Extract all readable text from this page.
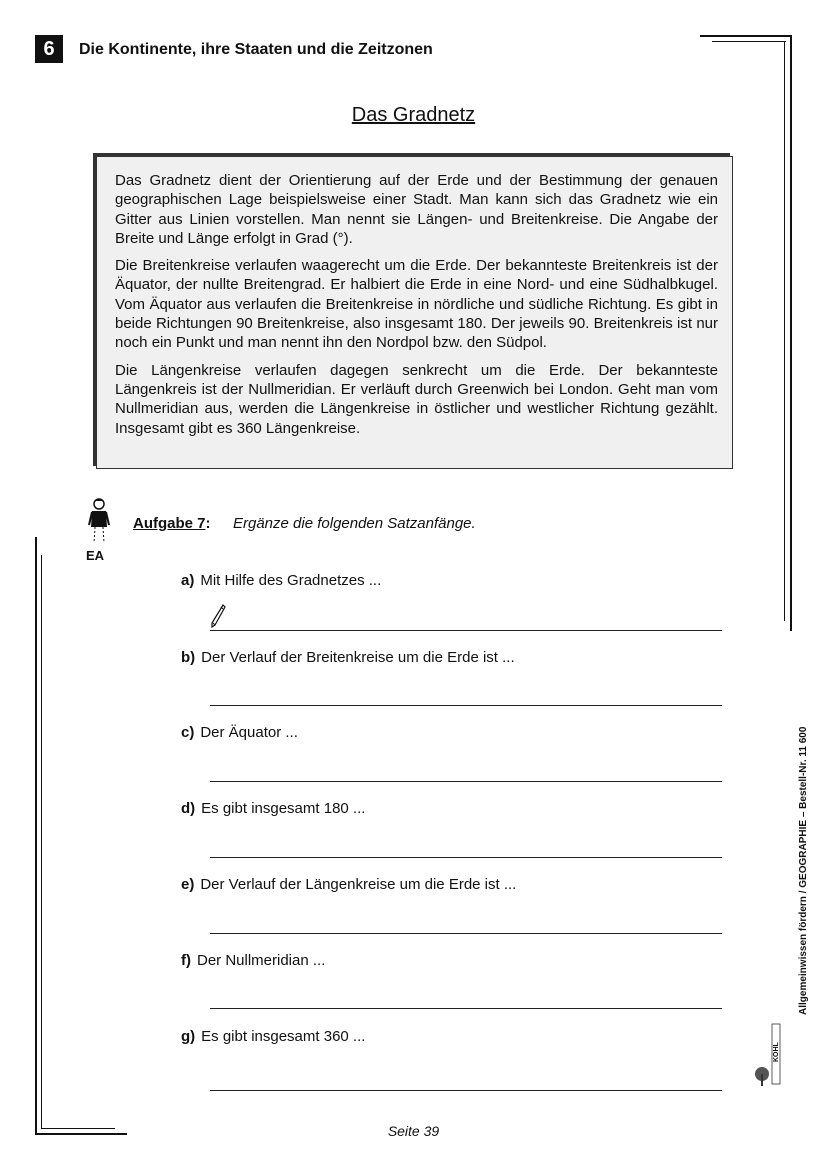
6	Die Kontinente, ihre Staaten und die Zeitzonen
Das Gradnetz

Das Gradnetz dient der Orientierung auf der Erde und der Bestimmung der genauen geographischen Lage beispielsweise einer Stadt. Man kann sich das Gradnetz wie ein Gitter aus Linien vorstellen. Man nennt sie Längen- und Breitenkreise. Die Angabe der Breite und Länge erfolgt in Grad (°).

Die Breitenkreise verlaufen waagerecht um die Erde. Der bekannteste Breitenkreis ist der Äquator, der nullte Breitengrad. Er halbiert die Erde in eine Nord- und eine Südhalbkugel. Vom Äquator aus verlaufen die Breitenkreise in nördliche und südliche Richtung. Es gibt in beide Richtungen 90 Breitenkreise, also insgesamt 180. Der jeweils 90. Breitenkreis ist nur noch ein Punkt und man nennt ihn den Nordpol bzw. den Südpol.

Die Längenkreise verlaufen dagegen senkrecht um die Erde. Der bekannteste Längenkreis ist der Nullmeridian. Er verläuft durch Greenwich bei London. Geht man vom Nullmeridian aus, werden die Längenkreise in östlicher und westlicher Richtung gezählt. Insgesamt gibt es 360 Längenkreise.

EA
Aufgabe 7: Ergänze die folgenden Satzanfänge.
a) Mit Hilfe des Gradnetzes ...
b) Der Verlauf der Breitenkreise um die Erde ist ...
c) Der Äquator ...
d) Es gibt insgesamt 180 ...
e) Der Verlauf der Längenkreise um die Erde ist ...
f) Der Nullmeridian ...
g) Es gibt insgesamt 360 ...
Allgemeinwissen fördern / GEOGRAPHIE – Bestell-Nr. 11 600
KOHL
Seite 39
